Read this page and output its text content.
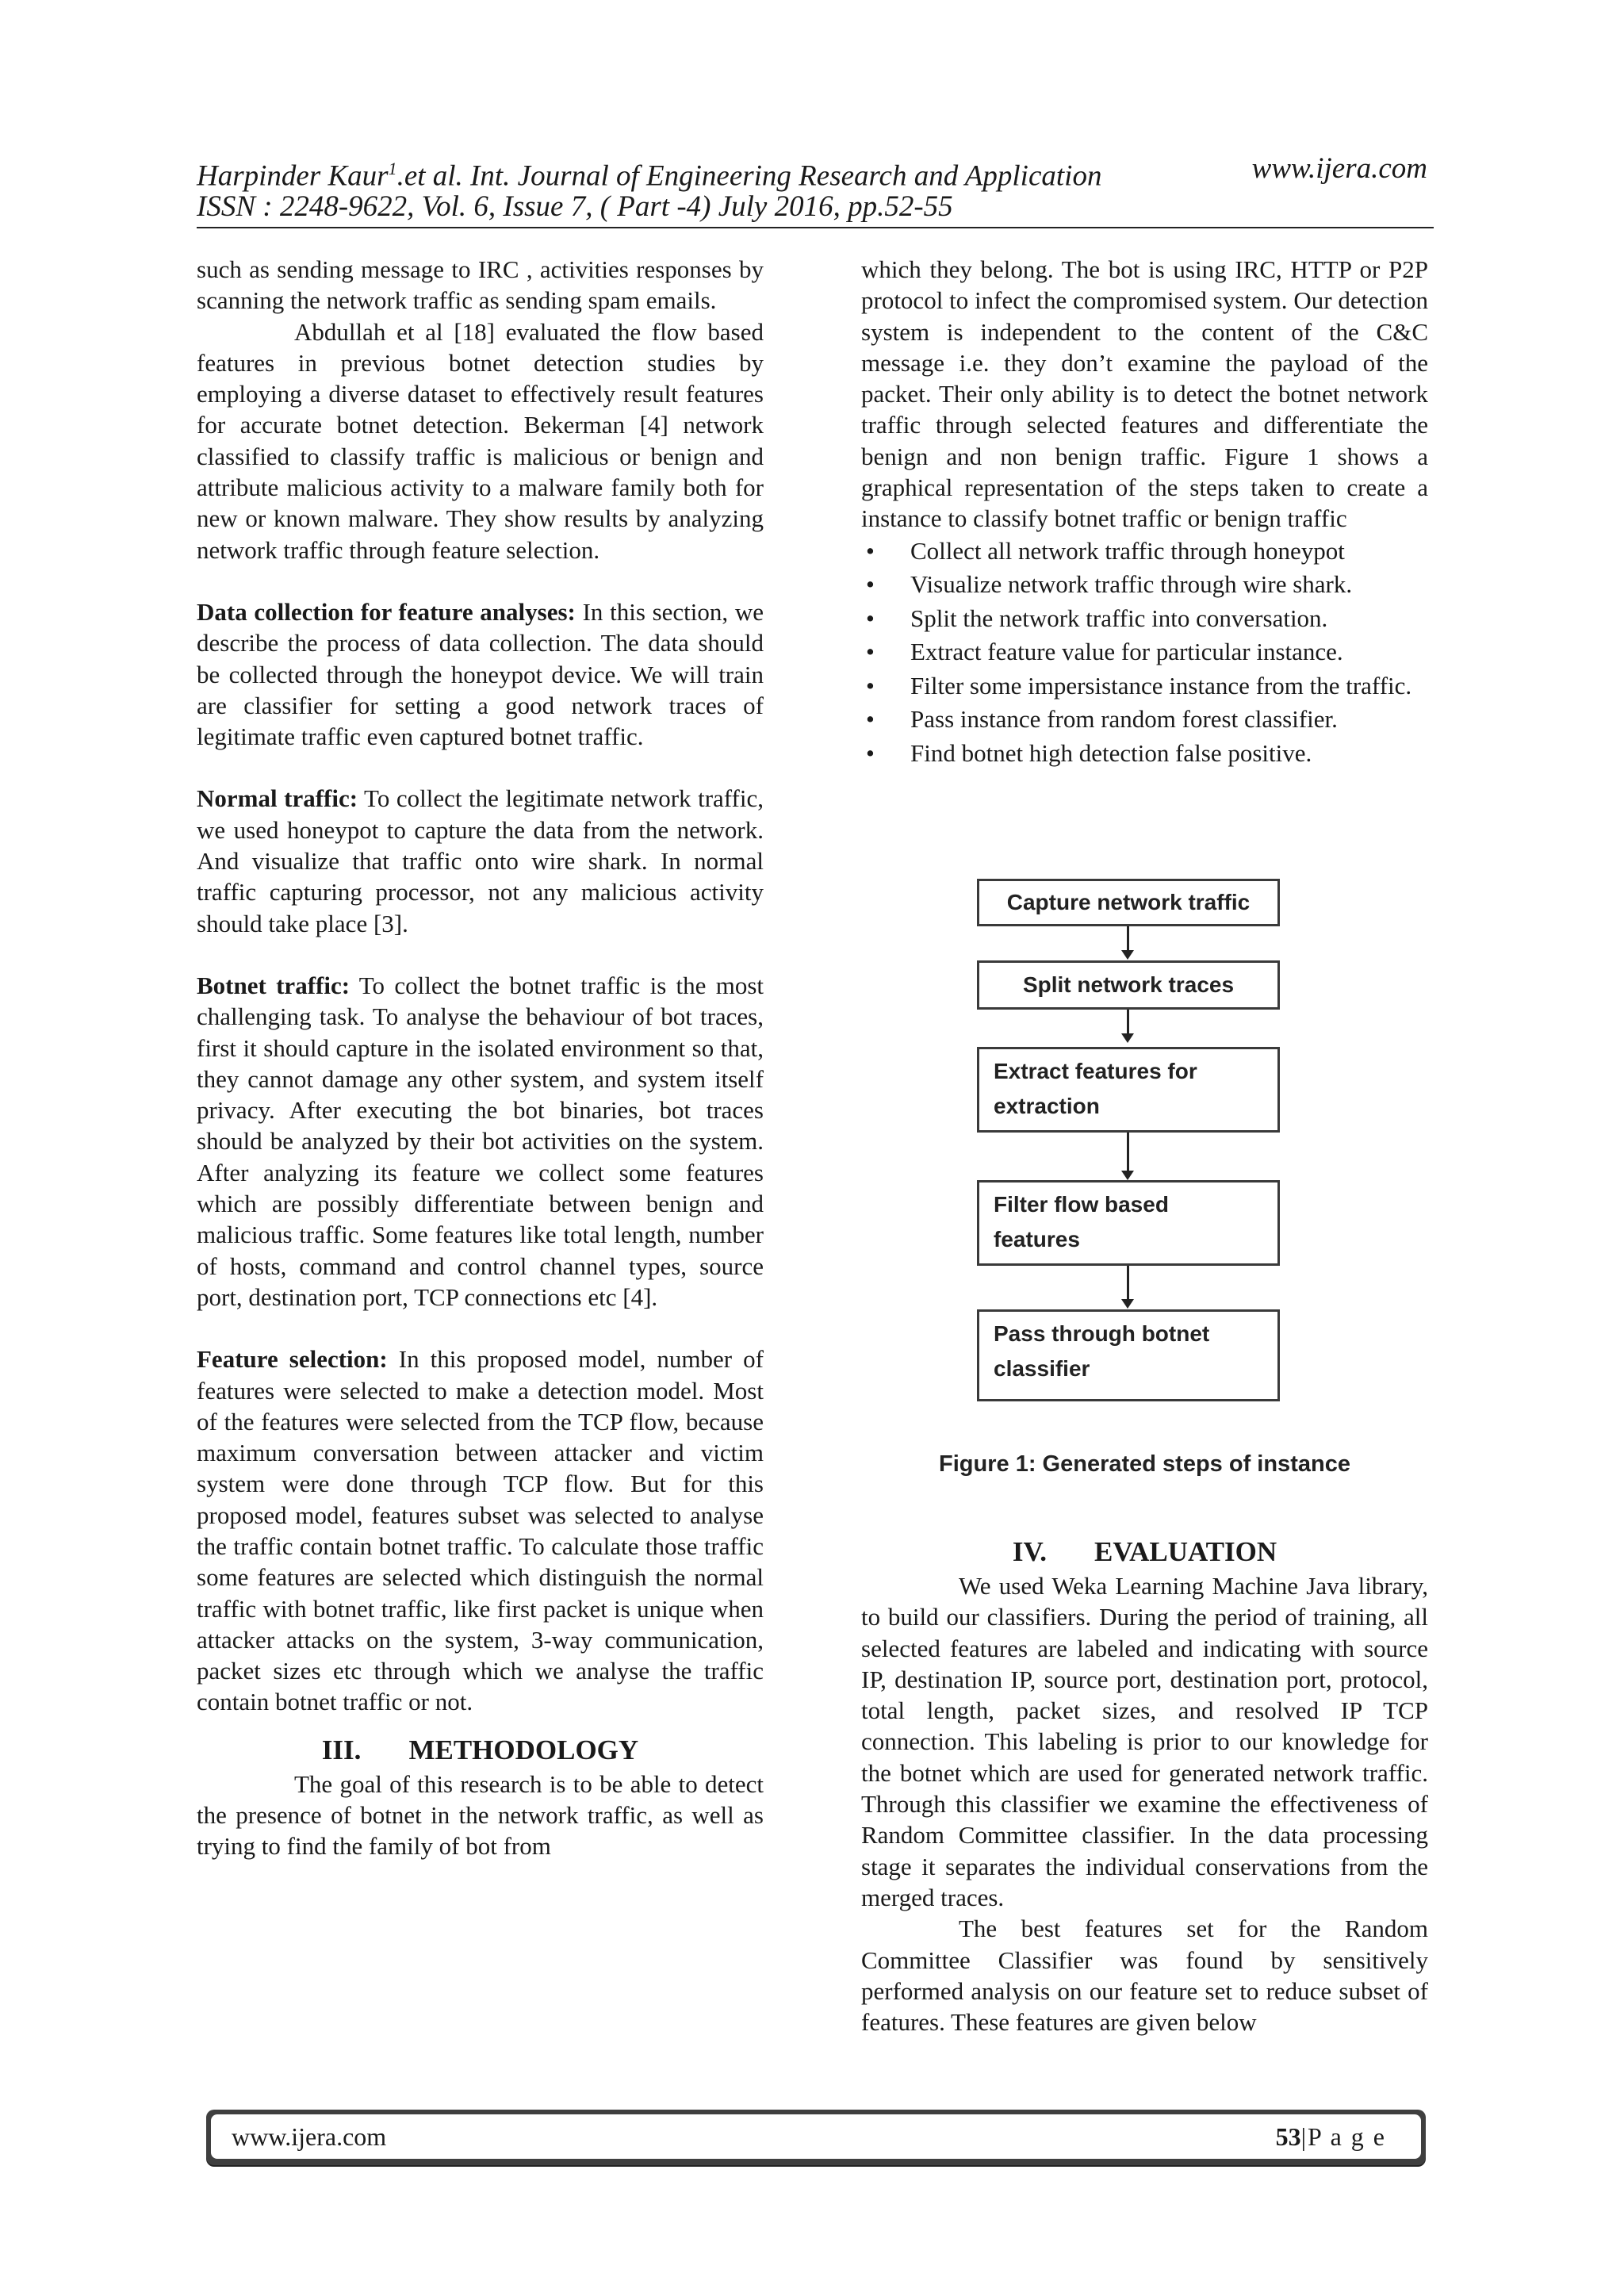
Harpinder Kaur$^1$.et al. Int. Journal of Engineering Research and Application	www.ijera.com
ISSN : 2248-9622, Vol. 6, Issue 7, ( Part -4) July 2016, pp.52-55

such as sending message to IRC , activities responses by scanning the network traffic as sending spam emails.

Abdullah et al [18] evaluated the flow based features in previous botnet detection studies by employing a diverse dataset to effectively result features for accurate botnet detection. Bekerman [4] network classified to classify traffic is malicious or benign and attribute malicious activity to a malware family both for new or known malware. They show results by analyzing network traffic through feature selection.

Data collection for feature analyses: In this section, we describe the process of data collection. The data should be collected through the honeypot device. We will train are classifier for setting a good network traces of legitimate traffic even captured botnet traffic.

Normal traffic: To collect the legitimate network traffic, we used honeypot to capture the data from the network. And visualize that traffic onto wire shark. In normal traffic capturing processor, not any malicious activity should take place [3].

Botnet traffic: To collect the botnet traffic is the most challenging task. To analyse the behaviour of bot traces, first it should capture in the isolated environment so that, they cannot damage any other system, and system itself privacy. After executing the bot binaries, bot traces should be analyzed by their bot activities on the system. After analyzing its feature we collect some features which are possibly differentiate between benign and malicious traffic. Some features like total length, number of hosts, command and control channel types, source port, destination port, TCP connections etc [4].

Feature selection: In this proposed model, number of features were selected to make a detection model. Most of the features were selected from the TCP flow, because maximum conversation between attacker and victim system were done through TCP flow. But for this proposed model, features subset was selected to analyse the traffic contain botnet traffic. To calculate those traffic some features are selected which distinguish the normal traffic with botnet traffic, like first packet is unique when attacker attacks on the system, 3-way communication, packet sizes etc through which we analyse the traffic contain botnet traffic or not.

III. METHODOLOGY

The goal of this research is to be able to detect the presence of botnet in the network traffic, as well as trying to find the family of bot from

which they belong. The bot is using IRC, HTTP or P2P protocol to infect the compromised system. Our detection system is independent to the content of the C&C message i.e. they don’t examine the payload of the packet. Their only ability is to detect the botnet network traffic through selected features and differentiate the benign and non benign traffic. Figure 1 shows a graphical representation of the steps taken to create a instance to classify botnet traffic or benign traffic

• Collect all network traffic through honeypot
• Visualize network traffic through wire shark.
• Split the network traffic into conversation.
• Extract feature value for particular instance.
• Filter some impersistance instance from the traffic.
• Pass instance from random forest classifier.
• Find botnet high detection false positive.
Capture network traffic
Split network traces
Extract features for
extraction
Filter flow based
features
Pass through botnet
classifier
Figure 1: Generated steps of instance
IV. EVALUATION

We used Weka Learning Machine Java library, to build our classifiers. During the period of training, all selected features are labeled and indicating with source IP, destination IP, source port, destination port, protocol, total length, packet sizes, and resolved IP TCP connection. This labeling is prior to our knowledge for the botnet which are used for generated network traffic. Through this classifier we examine the effectiveness of Random Committee classifier. In the data processing stage it separates the individual conservations from the merged traces.

The best features set for the Random Committee Classifier was found by sensitively performed analysis on our feature set to reduce subset of features. These features are given below

www.ijera.com	53|P a g e
